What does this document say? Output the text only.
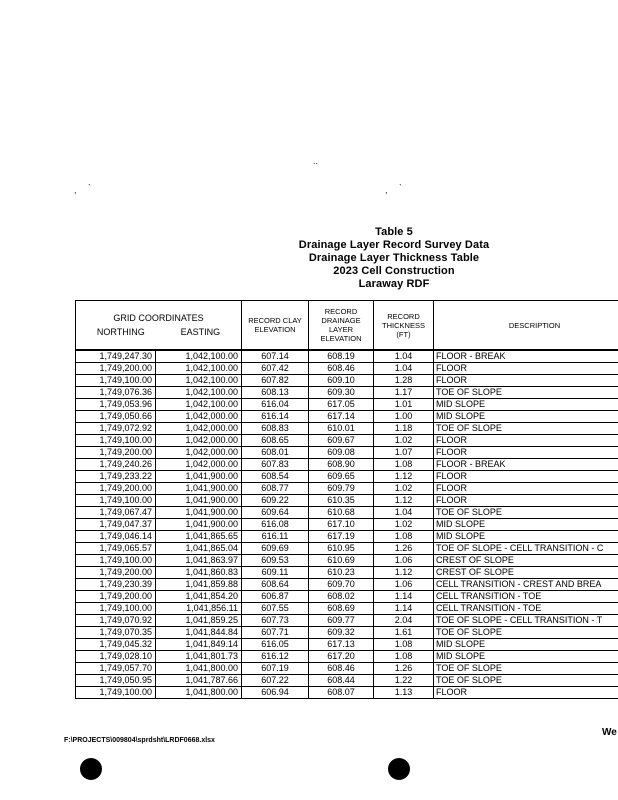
..
, `	, `
Table 5
Drainage Layer Record Survey Data
Drainage Layer Thickness Table
2023 Cell Construction
Laraway RDF
GRID COORDINATES
NORTHING EASTING		RECORD CLAY ELEVATION	RECORD DRAINAGE LAYER ELEVATION	RECORD THICKNESS (FT)	DESCRIPTION
1,749,247.30	1,042,100.00	607.14	608.19	1.04	FLOOR - BREAK
1,749,200.00	1,042,100.00	607.42	608.46	1.04	FLOOR
1,749,100.00	1,042,100.00	607.82	609.10	1.28	FLOOR
1,749,076.36	1,042,100.00	608.13	609.30	1.17	TOE OF SLOPE
1,749,053.96	1,042,100.00	616.04	617.05	1.01	MID SLOPE
1,749,050.66	1,042,000.00	616.14	617.14	1.00	MID SLOPE
1,749,072.92	1,042,000.00	608.83	610.01	1.18	TOE OF SLOPE
1,749,100.00	1,042,000.00	608.65	609.67	1.02	FLOOR
1,749,200.00	1,042,000.00	608.01	609.08	1.07	FLOOR
1,749,240.26	1,042,000.00	607.83	608.90	1.08	FLOOR - BREAK
1,749,233.22	1,041,900.00	608.54	609.65	1.12	FLOOR
1,749,200.00	1,041,900.00	608.77	609.79	1.02	FLOOR
1,749,100.00	1,041,900.00	609.22	610.35	1.12	FLOOR
1,749,067.47	1,041,900.00	609.64	610.68	1.04	TOE OF SLOPE
1,749,047.37	1,041,900.00	616.08	617.10	1.02	MID SLOPE
1,749,046.14	1,041,865.65	616.11	617.19	1.08	MID SLOPE
1,749,065.57	1,041,865.04	609.69	610.95	1.26	TOE OF SLOPE - CELL TRANSITION - C
1,749,100.00	1,041,863.97	609.53	610.69	1.06	CREST OF SLOPE
1,749,200.00	1,041,860.83	609.11	610.23	1.12	CREST OF SLOPE
1,749,230.39	1,041,859.88	608.64	609.70	1.06	CELL TRANSITION - CREST AND BREA
1,749,200.00	1,041,854.20	606.87	608.02	1.14	CELL TRANSITION - TOE
1,749,100.00	1,041,856.11	607.55	608.69	1.14	CELL TRANSITION - TOE
1,749,070.92	1,041,859.25	607.73	609.77	2.04	TOE OF SLOPE - CELL TRANSITION - T
1,749,070.35	1,041,844.84	607.71	609.32	1.61	TOE OF SLOPE
1,749,045.32	1,041,849.14	616.05	617.13	1.08	MID SLOPE
1,749,028.10	1,041,801.73	616.12	617.20	1.08	MID SLOPE
1,749,057.70	1,041,800.00	607.19	608.46	1.26	TOE OF SLOPE
1,749,050.95	1,041,787.66	607.22	608.44	1.22	TOE OF SLOPE
1,749,100.00	1,041,800.00	606.94	608.07	1.13	FLOOR
F:\PROJECTS\009804\sprdsht\LRDF0668.xlsx
We
